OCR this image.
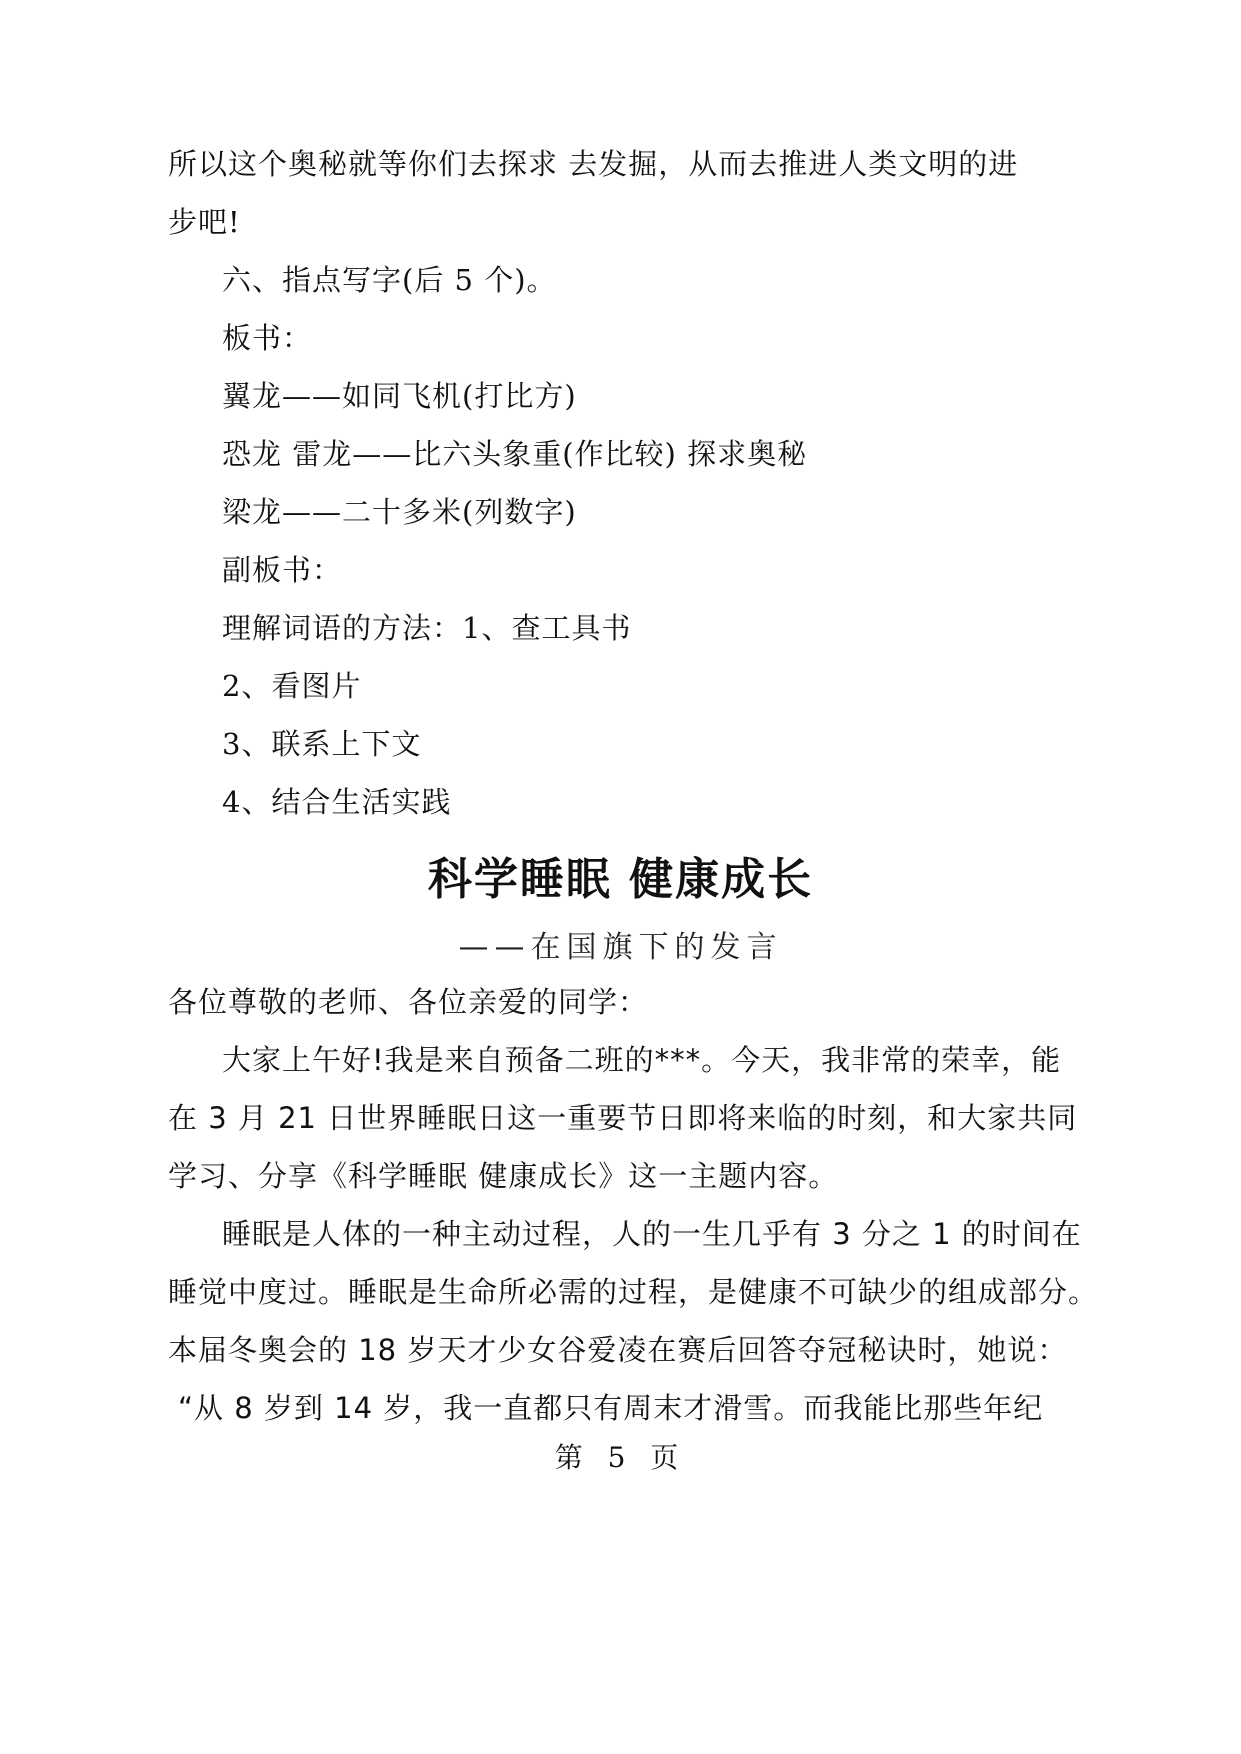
所以这个奥秘就等你们去探求 去发掘，从而去推进人类文明的进
步吧!
六、指点写字(后 5 个)。
板书：
翼龙——如同飞机(打比方)
恐龙 雷龙——比六头象重(作比较) 探求奥秘
梁龙——二十多米(列数字)
副板书：
理解词语的方法：1、查工具书
2、看图片
3、联系上下文
4、结合生活实践
科学睡眠 健康成长
——在国旗下的发言
各位尊敬的老师、各位亲爱的同学：
大家上午好!我是来自预备二班的***。今天，我非常的荣幸，能
在 3 月 21 日世界睡眠日这一重要节日即将来临的时刻，和大家共同
学习、分享《科学睡眠 健康成长》这一主题内容。
睡眠是人体的一种主动过程，人的一生几乎有 3 分之 1 的时间在
睡觉中度过。睡眠是生命所必需的过程，是健康不可缺少的组成部分。
本届冬奥会的 18 岁天才少女谷爱凌在赛后回答夺冠秘诀时，她说：
“从 8 岁到 14 岁，我一直都只有周末才滑雪。而我能比那些年纪
第 5 页
